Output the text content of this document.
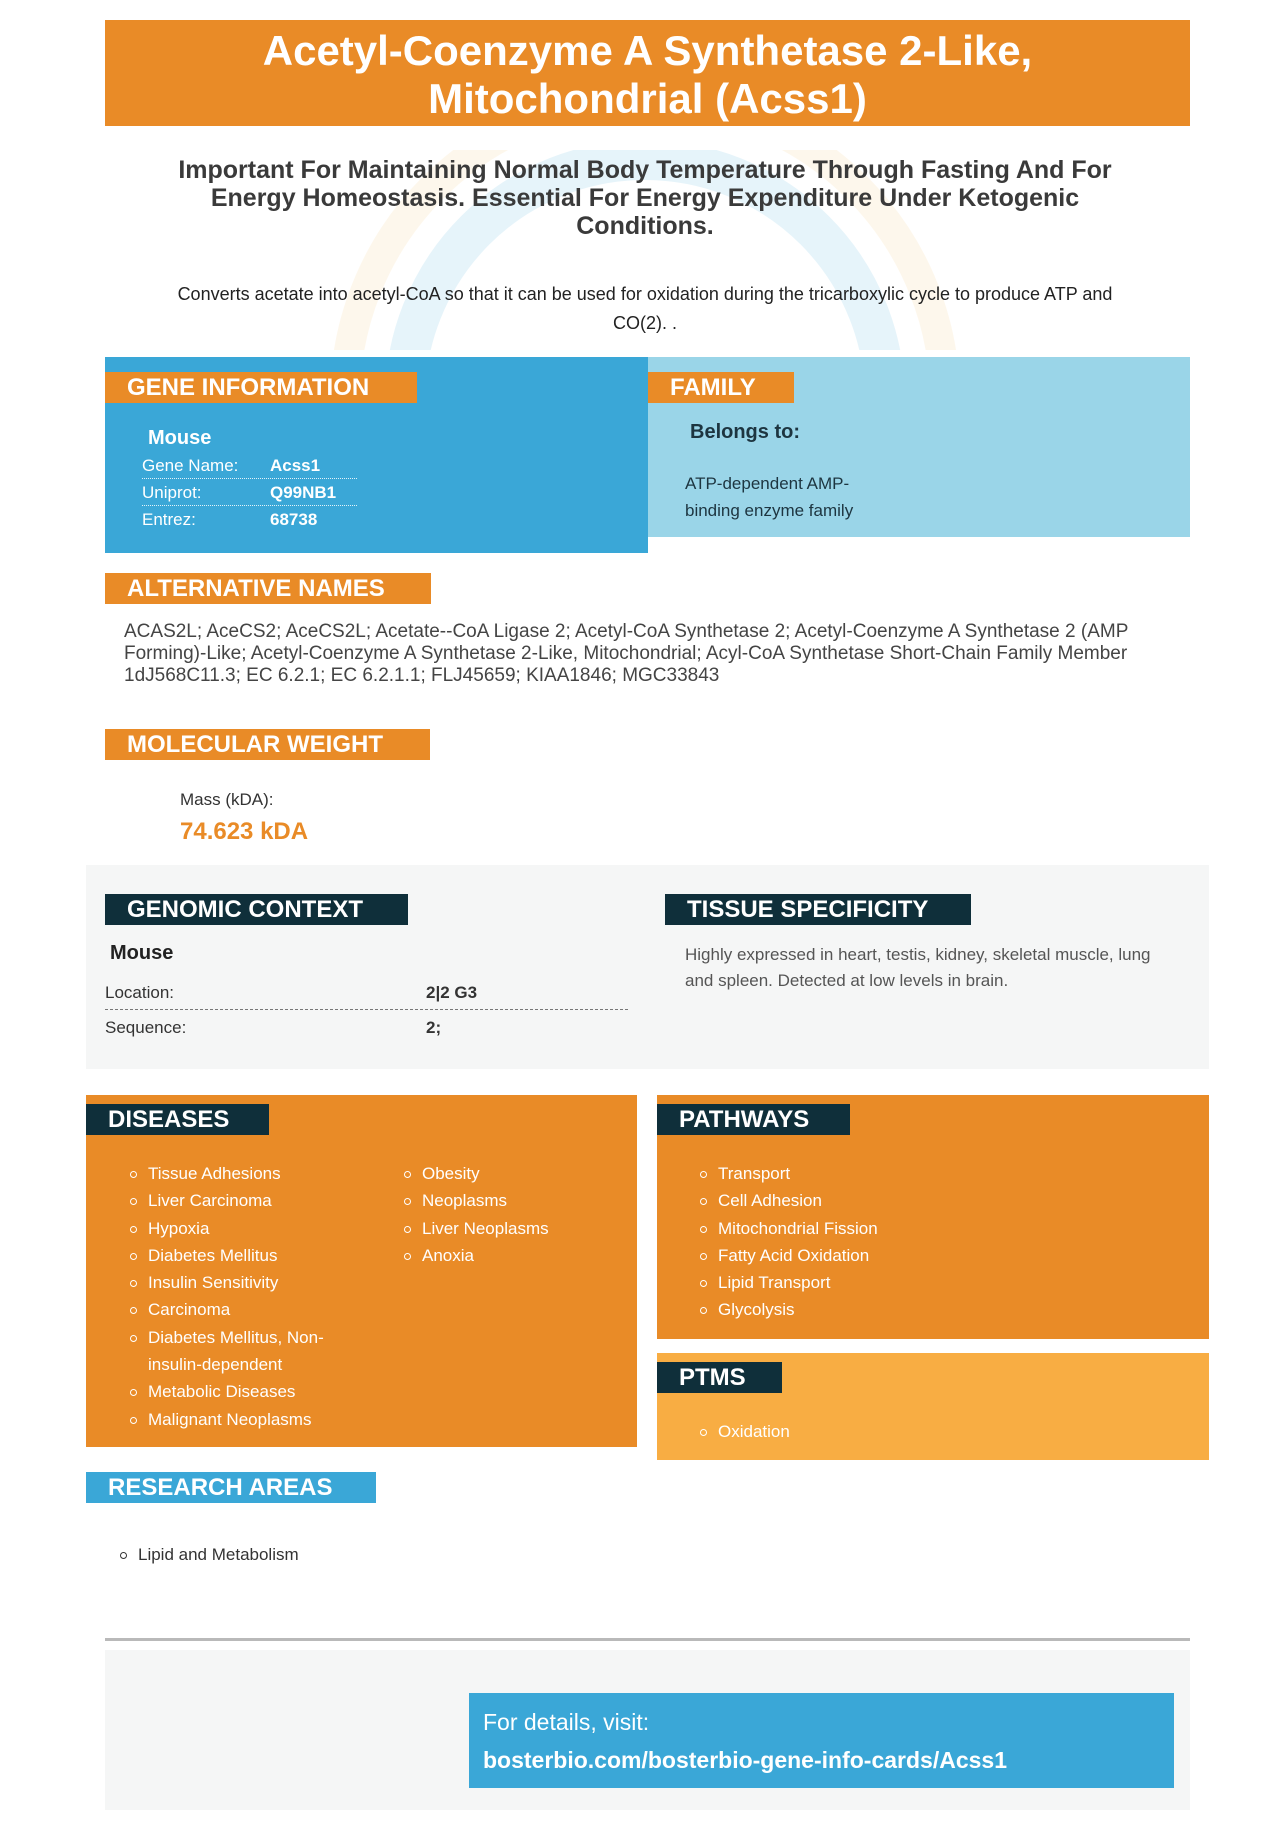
Acetyl-Coenzyme A Synthetase 2-Like,
Mitochondrial (Acss1)
Important For Maintaining Normal Body Temperature Through Fasting And For Energy Homeostasis. Essential For Energy Expenditure Under Ketogenic Conditions.
Converts acetate into acetyl-CoA so that it can be used for oxidation during the tricarboxylic cycle to produce ATP and CO(2). .
GENE INFORMATION
Mouse
Gene Name:	Acss1
Uniprot:	Q99NB1
Entrez:	68738
FAMILY
Belongs to:
ATP-dependent AMP-binding enzyme family
ALTERNATIVE NAMES
ACAS2L; AceCS2; AceCS2L; Acetate--CoA Ligase 2; Acetyl-CoA Synthetase 2; Acetyl-Coenzyme A Synthetase 2 (AMP Forming)-Like; Acetyl-Coenzyme A Synthetase 2-Like, Mitochondrial; Acyl-CoA Synthetase Short-Chain Family Member 1dJ568C11.3; EC 6.2.1; EC 6.2.1.1; FLJ45659; KIAA1846; MGC33843
MOLECULAR WEIGHT
Mass (kDA):
74.623 kDA
GENOMIC CONTEXT
Mouse
Location:	2|2 G3
Sequence:	2;
TISSUE SPECIFICITY
Highly expressed in heart, testis, kidney, skeletal muscle, lung and spleen. Detected at low levels in brain.
DISEASES
Tissue Adhesions
Liver Carcinoma
Hypoxia
Diabetes Mellitus
Insulin Sensitivity
Carcinoma
Diabetes Mellitus, Non-insulin-dependent
Metabolic Diseases
Malignant Neoplasms
Obesity
Neoplasms
Liver Neoplasms
Anoxia
PATHWAYS
Transport
Cell Adhesion
Mitochondrial Fission
Fatty Acid Oxidation
Lipid Transport
Glycolysis
PTMS
Oxidation
RESEARCH AREAS
Lipid and Metabolism
For details, visit:
bosterbio.com/bosterbio-gene-info-cards/Acss1
